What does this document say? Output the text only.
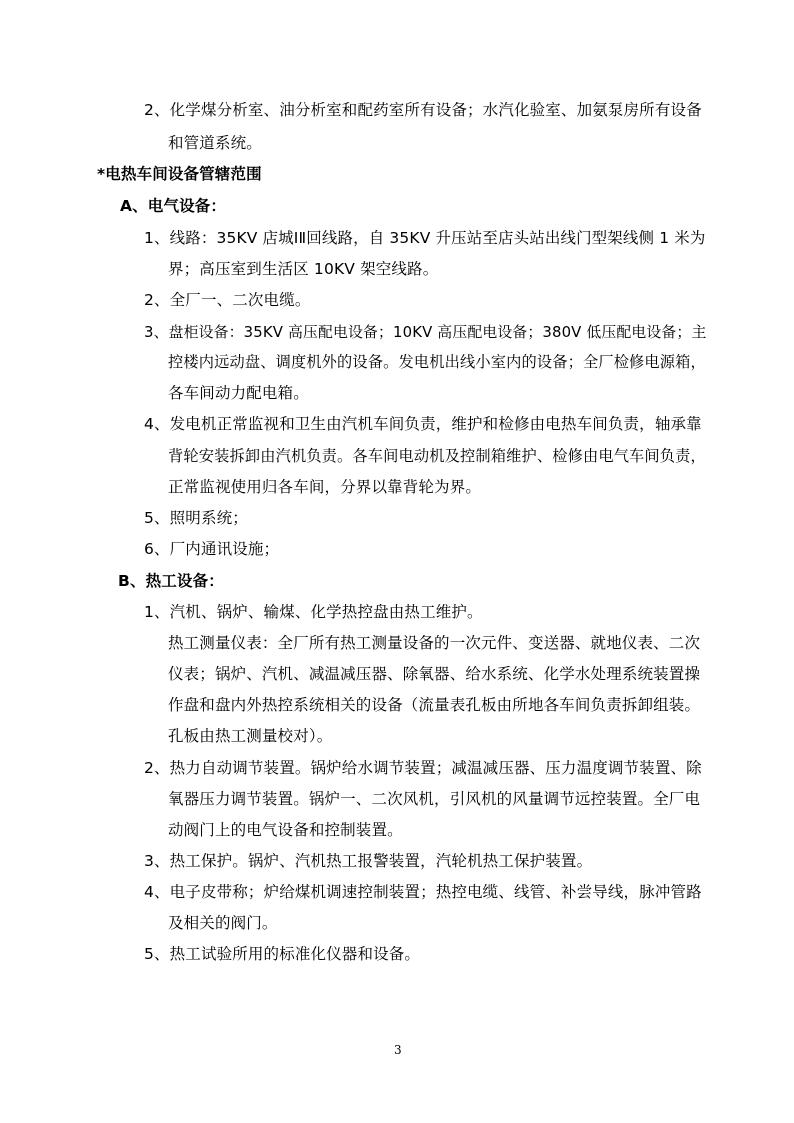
2、化学煤分析室、油分析室和配药室所有设备；水汽化验室、加氨泵房所有设备
和管道系统。
*电热车间设备管辖范围
A、电气设备：
1、线路：35KV 店城ⅠⅡ回线路，自 35KV 升压站至店头站出线门型架线侧 1 米为
界；高压室到生活区 10KV 架空线路。
2、全厂一、二次电缆。
3、盘柜设备：35KV 高压配电设备；10KV 高压配电设备；380V 低压配电设备；主
控楼内远动盘、调度机外的设备。发电机出线小室内的设备；全厂检修电源箱，
各车间动力配电箱。
4、发电机正常监视和卫生由汽机车间负责，维护和检修由电热车间负责，轴承靠
背轮安装拆卸由汽机负责。各车间电动机及控制箱维护、检修由电气车间负责，
正常监视使用归各车间，分界以靠背轮为界。
5、照明系统；
6、厂内通讯设施；
B、热工设备：
1、汽机、锅炉、输煤、化学热控盘由热工维护。
热工测量仪表：全厂所有热工测量设备的一次元件、变送器、就地仪表、二次
仪表；锅炉、汽机、减温减压器、除氧器、给水系统、化学水处理系统装置操
作盘和盘内外热控系统相关的设备（流量表孔板由所地各车间负责拆卸组装。
孔板由热工测量校对）。
2、热力自动调节装置。锅炉给水调节装置；减温减压器、压力温度调节装置、除
氧器压力调节装置。锅炉一、二次风机，引风机的风量调节远控装置。全厂电
动阀门上的电气设备和控制装置。
3、热工保护。锅炉、汽机热工报警装置，汽轮机热工保护装置。
4、电子皮带称；炉给煤机调速控制装置；热控电缆、线管、补尝导线，脉冲管路
及相关的阀门。
5、热工试验所用的标准化仪器和设备。
3
